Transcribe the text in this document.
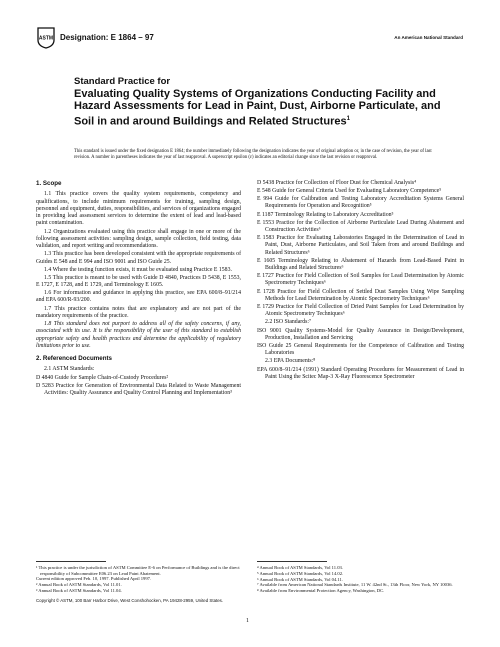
ASTM Designation: E 1864 – 97	An American National Standard
Standard Practice for
Evaluating Quality Systems of Organizations Conducting Facility and Hazard Assessments for Lead in Paint, Dust, Airborne Particulate, and Soil in and around Buildings and Related Structures$^1$
This standard is issued under the fixed designation E 1864; the number immediately following the designation indicates the year of original adoption or, in the case of revision, the year of last revision. A number in parentheses indicates the year of last reapproval. A superscript epsilon (ε) indicates an editorial change since the last revision or reapproval.
1. Scope

1.1 This practice covers the quality system requirements, competency and qualifications, to include minimum requirements for training, sampling design, personnel and equipment, duties, responsibilities, and services of organizations engaged in providing lead assessment services to determine the extent of lead and lead-based paint contamination.

1.2 Organizations evaluated using this practice shall engage in one or more of the following assessment activities: sampling design, sample collection, field testing, data validation, and report writing and recommendations.

1.3 This practice has been developed consistent with the appropriate requirements of Guides E 548 and E 994 and ISO 9001 and ISO Guide 25.

1.4 Where the testing function exists, it must be evaluated using Practice E 1583.

1.5 This practice is meant to be used with Guide D 4840, Practices D 5438, E 1553, E 1727, E 1728, and E 1729, and Terminology E 1605.

1.6 For information and guidance in applying this practice, see EPA 600/8–91/214 and EPA 600/R-93/200.

1.7 This practice contains notes that are explanatory and are not part of the mandatory requirements of the practice.

1.8 This standard does not purport to address all of the safety concerns, if any, associated with its use. It is the responsibility of the user of this standard to establish appropriate safety and health practices and determine the applicability of regulatory limitations prior to use.

2. Referenced Documents
2.1 ASTM Standards:

D 4840 Guide for Sample Chain-of-Custody Procedures²

D 5283 Practice for Generation of Environmental Data Related to Waste Management Activities: Quality Assurance and Quality Control Planning and Implementation³

D 5438 Practice for Collection of Floor Dust for Chemical Analysis⁴

E 548 Guide for General Criteria Used for Evaluating Laboratory Competence⁵

E 994 Guide for Calibration and Testing Laboratory Accreditation Systems General Requirements for Operation and Recognition⁵

E 1187 Terminology Relating to Laboratory Accreditation⁵

E 1553 Practice for the Collection of Airborne Particulate Lead During Abatement and Construction Activities⁶

E 1583 Practice for Evaluating Laboratories Engaged in the Determination of Lead in Paint, Dust, Airborne Particulates, and Soil Taken from and around Buildings and Related Structures⁶

E 1605 Terminology Relating to Abatement of Hazards from Lead-Based Paint in Buildings and Related Structures⁶

E 1727 Practice for Field Collection of Soil Samples for Lead Determination by Atomic Spectrometry Techniques⁶

E 1728 Practice for Field Collection of Settled Dust Samples Using Wipe Sampling Methods for Lead Determination by Atomic Spectrometry Techniques⁶

E 1729 Practice for Field Collection of Dried Paint Samples for Lead Determination by Atomic Spectrometry Techniques⁶

2.2 ISO Standards:⁷

ISO 9001 Quality Systems-Model for Quality Assurance in Design/Development, Production, Installation and Servicing

ISO Guide 25 General Requirements for the Competence of Calibration and Testing Laboratories

2.3 EPA Documents:⁸

EPA 600/8–91/214 (1991) Standard Operating Procedures for Measurement of Lead in Paint Using the Scitec Map-3 X-Ray Fluorescence Spectrometer

¹ This practice is under the jurisdiction of ASTM Committee E-6 on Performance of Buildings and is the direct responsibility of Subcommittee E06.23 on Lead Paint Abatement.
Current edition approved Feb. 10, 1997. Published April 1997.
² Annual Book of ASTM Standards, Vol 11.01.
³ Annual Book of ASTM Standards, Vol 11.04.
⁴ Annual Book of ASTM Standards, Vol 11.03.
⁵ Annual Book of ASTM Standards, Vol 14.02.
⁶ Annual Book of ASTM Standards, Vol 04.11.
⁷ Available from American National Standards Institute, 11 W. 42nd St., 13th Floor, New York, NY 10036.
⁸ Available from Environmental Protection Agency, Washington, DC.
Copyright © ASTM, 100 Barr Harbor Drive, West Conshohocken, PA 19428-2959, United States.
1
